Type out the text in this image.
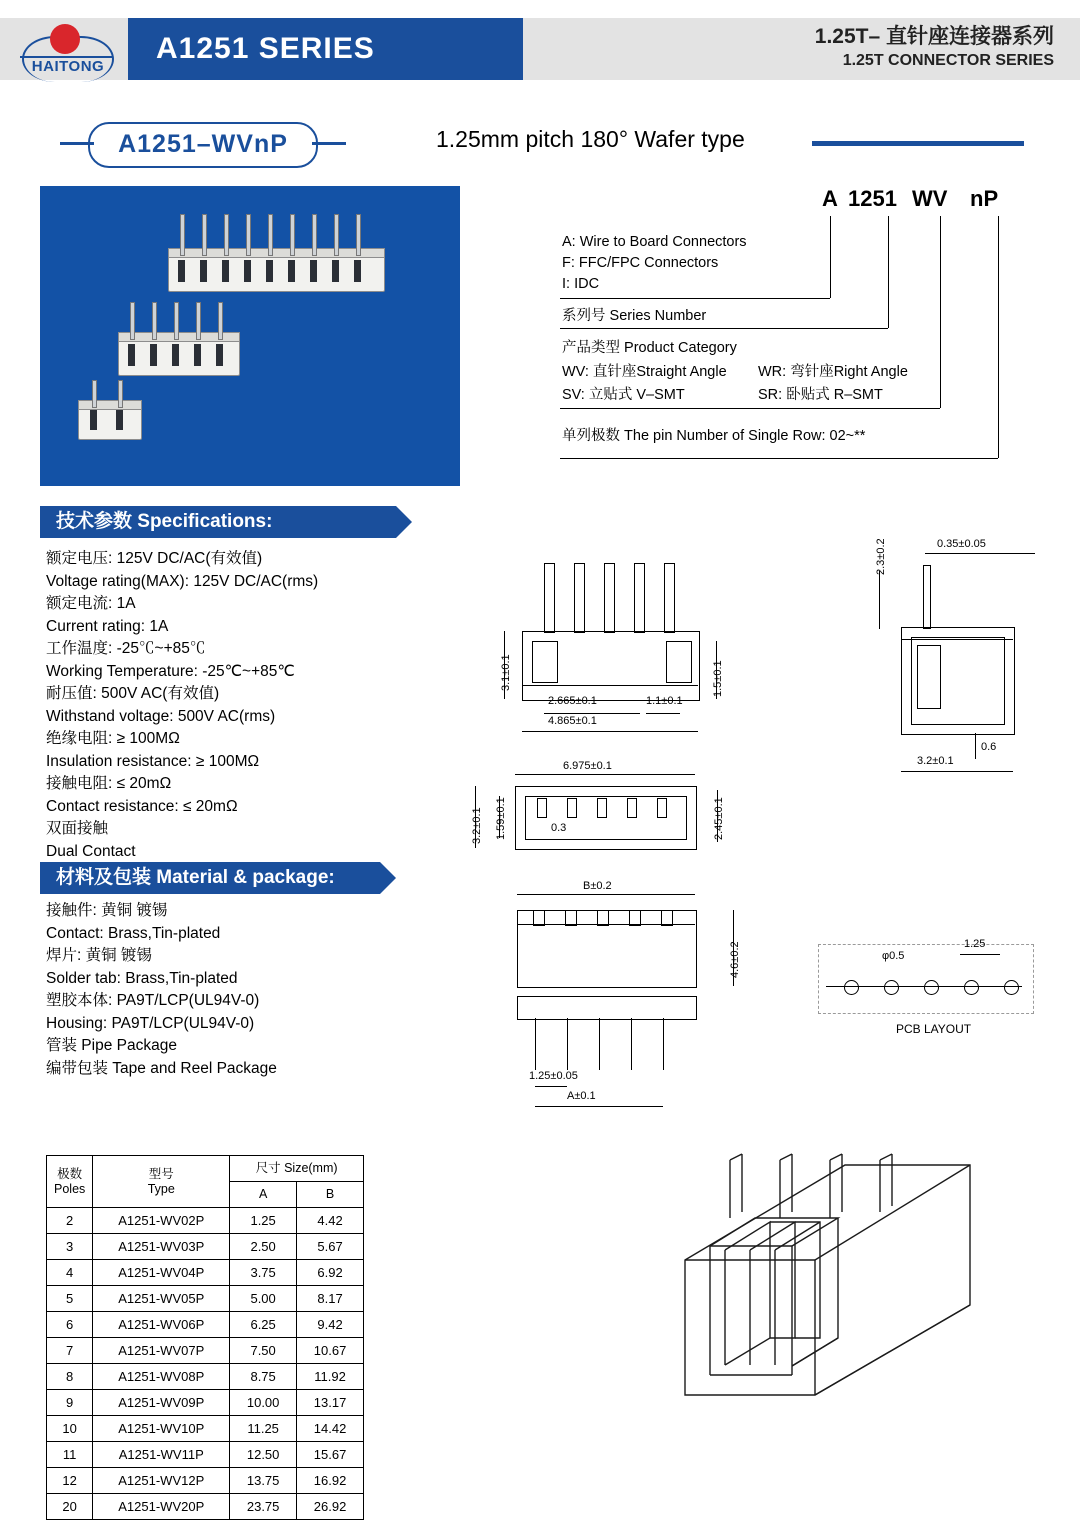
A1251 SERIES	1.25T– 直针座连接器系列
1.25T CONNECTOR SERIES
HAITONG
A1251–WVnP	1.25mm pitch 180° Wafer type
A 1251 WV nP
A: Wire to Board Connectors
F: FFC/FPC Connectors
I: IDC
系列号 Series Number
产品类型 Product Category
WV: 直针座Straight Angle WR: 弯针座Right Angle
SV: 立贴式 V–SMT	SR: 卧贴式 R–SMT
单列极数 The pin Number of Single Row: 02~**
技术参数 Specifications:
额定电压: 125V DC/AC(有效值)
Voltage rating(MAX): 125V DC/AC(rms)
额定电流: 1A
Current rating: 1A
工作温度: -25℃~+85℃
Working Temperature: -25℃~+85℃
耐压值: 500V AC(有效值)
Withstand voltage: 500V AC(rms)
绝缘电阻: ≥ 100MΩ
Insulation resistance: ≥ 100MΩ
接触电阻: ≤ 20mΩ
Contact resistance: ≤ 20mΩ
双面接触
Dual Contact
材料及包装 Material & package:
接触件: 黄铜 镀锡
Contact: Brass,Tin-plated
焊片: 黄铜 镀锡
Solder tab: Brass,Tin-plated
塑胶本体: PA9T/LCP(UL94V-0)
Housing: PA9T/LCP(UL94V-0)
管装 Pipe Package
编带包装 Tape and Reel Package
极数
Poles

型号
Type
	尺寸 Size(mm)
		A	B
2	A1251-WV02P	1.25	4.42
3	A1251-WV03P	2.50	5.67
4	A1251-WV04P	3.75	6.92
5	A1251-WV05P	5.00	8.17
6	A1251-WV06P	6.25	9.42
7	A1251-WV07P	7.50	10.67
8	A1251-WV08P	8.75	11.92
9	A1251-WV09P	10.00	13.17
10	A1251-WV10P	11.25	14.42
11	A1251-WV11P	12.50	15.67
12	A1251-WV12P	13.75	16.92
20	A1251-WV20P	23.75	26.92
3.1±0.1
2.665±0.1	1.1±0.1
4.865±0.1
1.5±0.1
6.975±0.1
3.2±0.1 1.59±0.1	2.45±0.1
0.3
B±0.2
4.6±0.2
1.25±0.05
A±0.1
0.35±0.05
2.3±0.2
0.6
3.2±0.1
1.25
φ0.5
PCB LAYOUT
